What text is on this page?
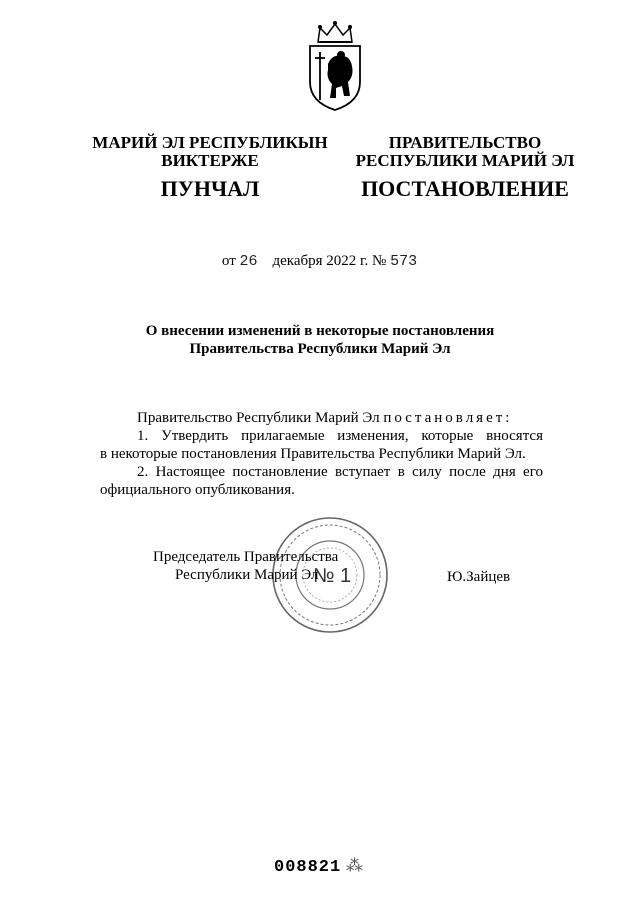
МАРИЙ ЭЛ РЕСПУБЛИКЫН
ВИКТЕРЖЕ
ПУНЧАЛ
ПРАВИТЕЛЬСТВО
РЕСПУБЛИКИ МАРИЙ ЭЛ
ПОСТАНОВЛЕНИЕ
от 26 декабря 2022 г. № 573
О внесении изменений в некоторые постановления
Правительства Республики Марий Эл
Правительство Республики Марий Эл постановляет:
1. Утвердить прилагаемые изменения, которые вносятся
в некоторые постановления Правительства Республики Марий Эл.
2. Настоящее постановление вступает в силу после дня его
официального опубликования.
№ 1
Председатель Правительства
Республики Марий Эл	Ю.Зайцев
008821 ⁂
